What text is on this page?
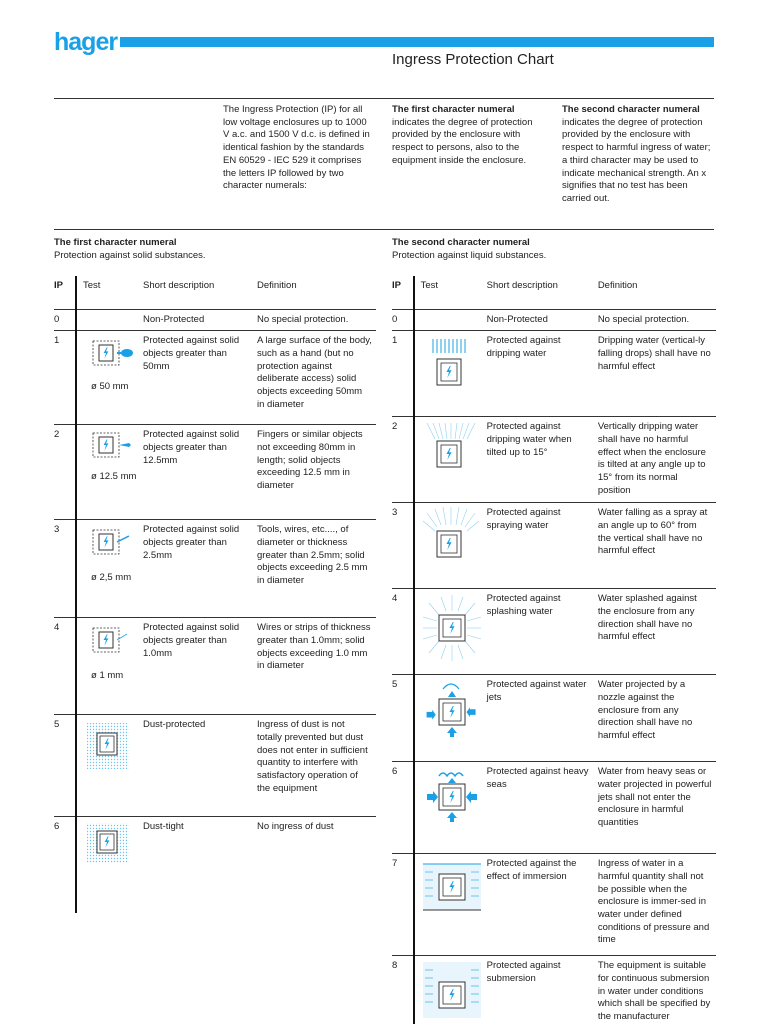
hager
Ingress Protection Chart
The Ingress Protection (IP) for all low voltage enclosures up to 1000 V a.c. and 1500 V d.c. is defined in identical fashion by the standards EN 60529 - IEC 529 it comprises the letters IP followed by two character numerals:
The first character numeral
indicates the degree of protection provided by the enclosure with respect to persons, also to the equipment inside the enclosure.
The second character numeral
indicates the degree of protection provided by the enclosure with respect to harmful ingress of water; a third character may be used to indicate mechanical strength. An x signifies that no test has been carried out.
The first character numeral
Protection against solid substances.
The second character numeral
Protection against liquid substances.
IP	Test	Short description	Definition
0		Non-Protected	No special protection.
1	ø 50 mm	Protected against solid objects greater than 50mm	A large surface of the body, such as a hand (but no protection against deliberate access) solid objects exceeding 50mm in diameter
2	ø 12.5 mm	Protected against solid objects greater than 12.5mm	Fingers or similar objects not exceeding 80mm in length; solid objects exceeding 12.5 mm in diameter
3	ø 2,5 mm	Protected against solid objects greater than 2.5mm	Tools, wires, etc...., of diameter or thickness greater than 2.5mm; solid objects exceeding 2.5 mm in diameter
4	ø 1 mm	Protected against solid objects greater than 1.0mm	Wires or strips of thickness greater than 1.0mm; solid objects exceeding 1.0 mm in diameter
5		Dust-protected	Ingress of dust is not totally prevented but dust does not enter in sufficient quantity to interfere with satisfactory operation of the equipment
6		Dust-tight	No ingress of dust
IP	Test	Short description	Definition
0		Non-Protected	No special protection.
1		Protected against dripping water	Dripping water (vertical-ly falling drops) shall have no harmful effect
2		Protected against dripping water when tilted up to 15°	Vertically dripping water shall have no harmful effect when the enclosure is tilted at any angle up to 15° from its normal position
3		Protected against spraying water	Water falling as a spray at an angle up to 60° from the vertical shall have no harmful effect
4		Protected against splashing water	Water splashed against the enclosure from any direction shall have no harmful effect
5		Protected against water jets	Water projected by a nozzle against the enclosure from any direction shall have no harmful effect
6		Protected against heavy seas	Water from heavy seas or water projected in powerful jets shall not enter the enclosure in harmful quantities
7		Protected against the effect of immersion	Ingress of water in a harmful quantity shall not be possible when the enclosure is immer-sed in water under defined conditions of pressure and time
8		Protected against submersion	The equipment is suitable for continuous submersion in water under conditions which shall be specified by the manufacturer
